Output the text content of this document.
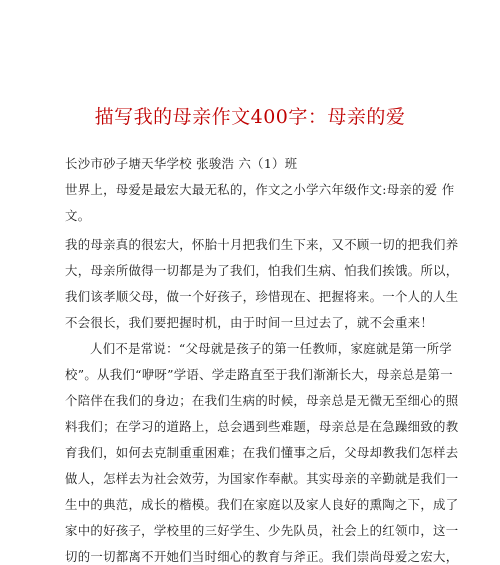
描写我的母亲作文400字：母亲的爱
长沙市砂子塘天华学校 张骏浩 六（1）班
世界上，母爱是最宏大最无私的，作文之小学六年级作文:母亲的爱 作
文。
我的母亲真的很宏大，怀胎十月把我们生下来，又不顾一切的把我们养
大，母亲所做得一切都是为了我们，怕我们生病、怕我们挨饿。所以，
我们该孝顺父母，做一个好孩子，珍惜现在、把握将来。一个人的人生
不会很长，我们要把握时机，由于时间一旦过去了，就不会重来！
人们不是常说：“父母就是孩子的第一任教师，家庭就是第一所学
校”。从我们“咿呀”学语、学走路直至于我们渐渐长大，母亲总是第一
个陪伴在我们的身边；在我们生病的时候，母亲总是无微无至细心的照
料我们；在学习的道路上，总会遇到些难题，母亲总是在急躁细致的教
育我们，如何去克制重重困难；在我们懂事之后，父母却教我们怎样去
做人，怎样去为社会效劳，为国家作奉献。其实母亲的辛勤就是我们一
生中的典范，成长的楷模。我们在家庭以及家人良好的熏陶之下，成了
家中的好孩子，学校里的三好学生、少先队员，社会上的红领巾，这一
切的一切都离不开她们当时细心的教育与斧正。我们崇尚母爱之宏大，
